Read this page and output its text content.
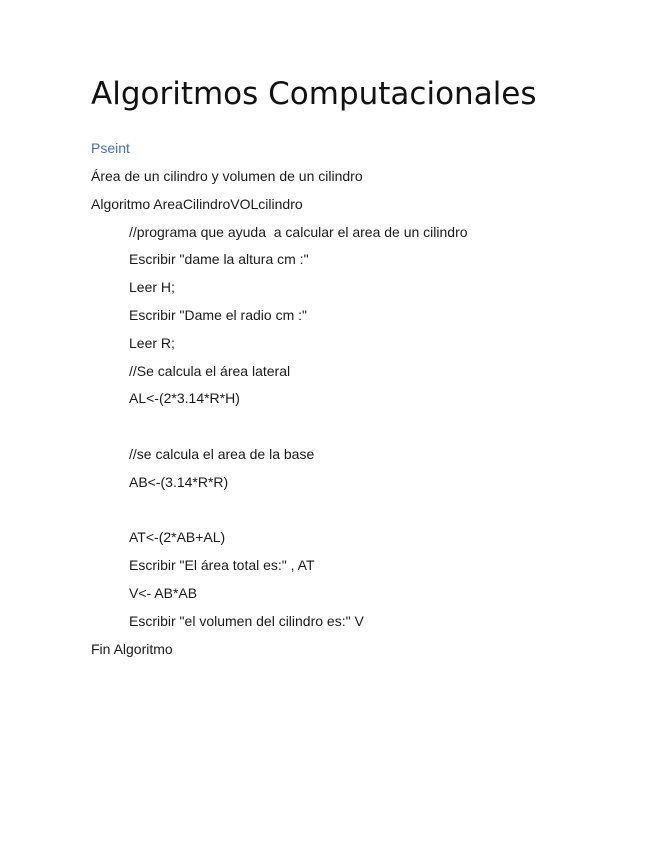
Algoritmos Computacionales
Pseint
Área de un cilindro y volumen de un cilindro
Algoritmo AreaCilindroVOLcilindro
//programa que ayuda  a calcular el area de un cilindro
Escribir "dame la altura cm :"
Leer H;
Escribir "Dame el radio cm :"
Leer R;
//Se calcula el área lateral
AL<-(2*3.14*R*H)
//se calcula el area de la base
AB<-(3.14*R*R)
AT<-(2*AB+AL)
Escribir "El área total es:" , AT
V<- AB*AB
Escribir "el volumen del cilindro es:" V
Fin Algoritmo
